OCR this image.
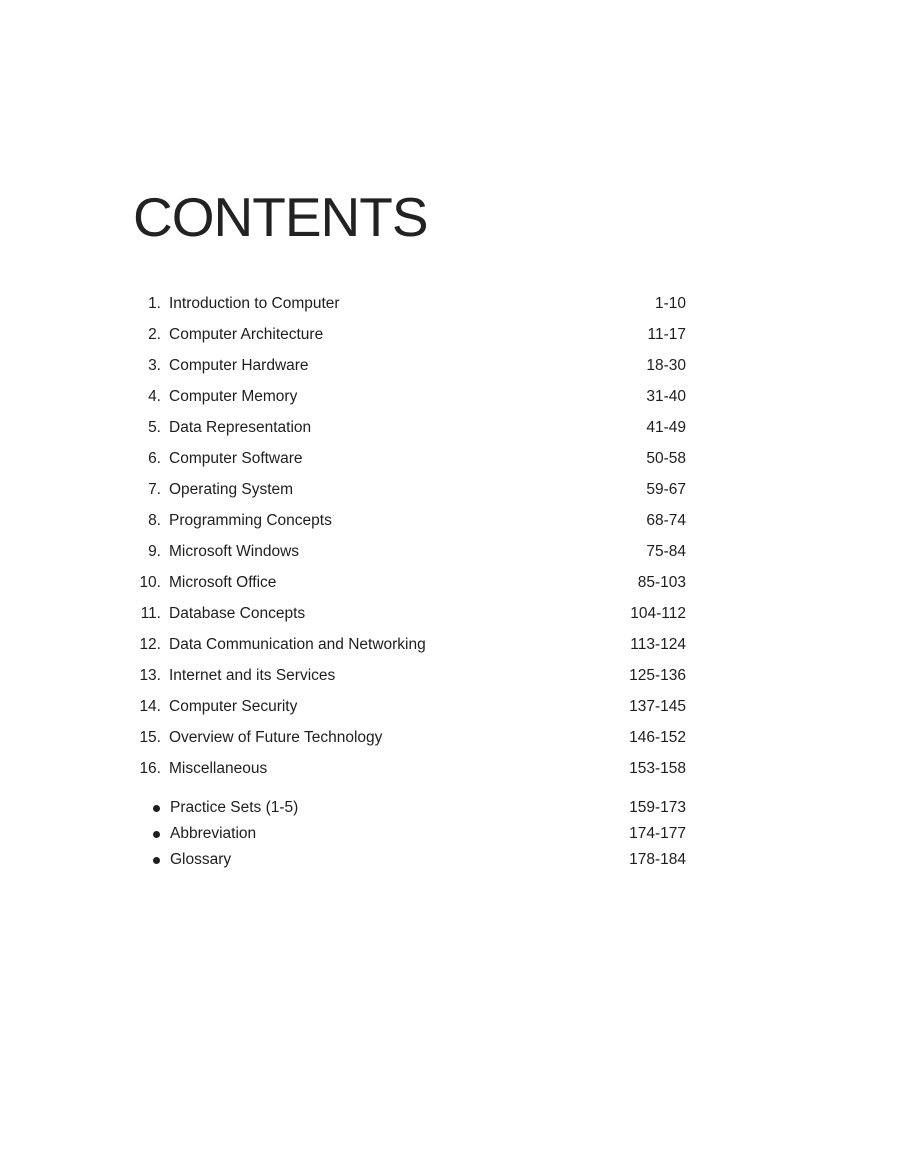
CONTENTS
1. Introduction to Computer	1-10
2. Computer Architecture	11-17
3. Computer Hardware	18-30
4. Computer Memory	31-40
5. Data Representation	41-49
6. Computer Software	50-58
7. Operating System	59-67
8. Programming Concepts	68-74
9. Microsoft Windows	75-84
10. Microsoft Office	85-103
11. Database Concepts	104-112
12. Data Communication and Networking	113-124
13. Internet and its Services	125-136
14. Computer Security	137-145
15. Overview of Future Technology	146-152
16. Miscellaneous	153-158
Practice Sets (1-5)	159-173
Abbreviation	174-177
Glossary	178-184
